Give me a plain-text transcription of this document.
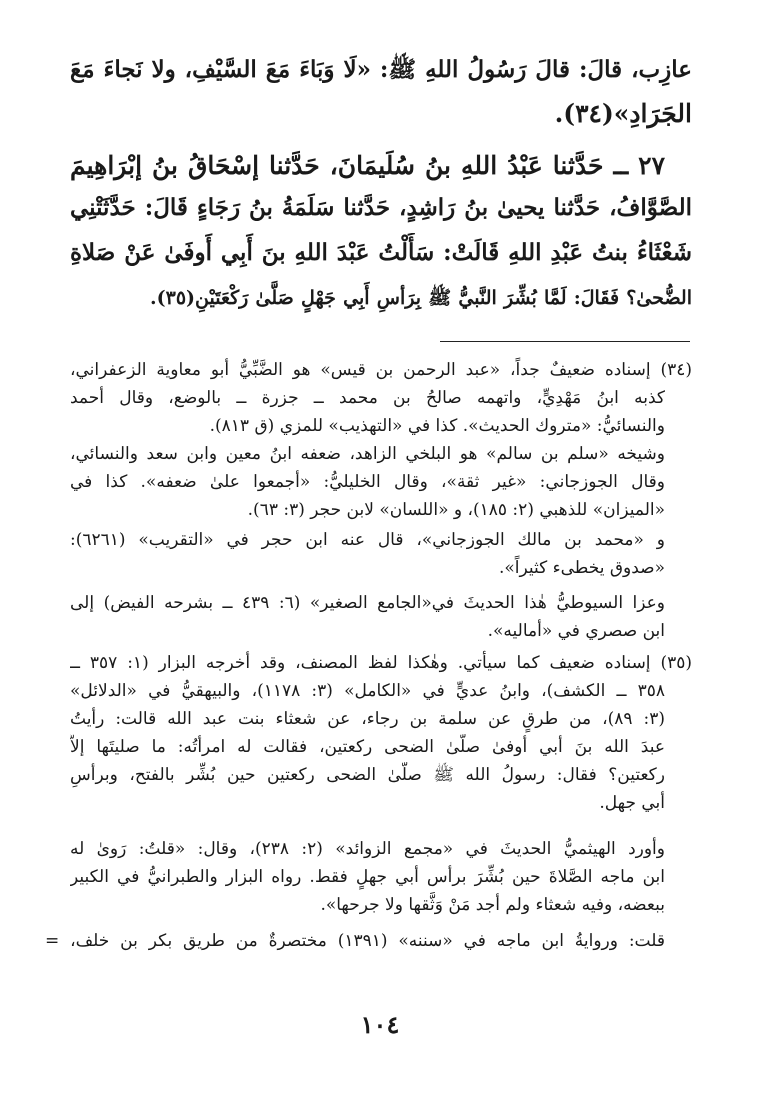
عازِب، قالَ: قالَ رَسُولُ اللهِ ﷺ: «لَا وَبَاءَ مَعَ السَّيْفِ، ولا نَجاءَ مَعَ
الجَرَادِ»(٣٤).
٢٧ ــ حَدَّثنا عَبْدُ اللهِ بنُ سُلَيمَانَ، حَدَّثنا إسْحَاقُ بنُ إبْرَاهِيمَ
الصَّوَّافُ، حَدَّثنا يحيىٰ بنُ رَاشِدٍ، حَدَّثنا سَلَمَةُ بنُ رَجَاءٍ قَالَ: حَدَّثَتْنِي
شَعْثَاءُ بنتُ عَبْدِ اللهِ قَالَتْ: سَأَلْتُ عَبْدَ اللهِ بنَ أَبِي أَوفَىٰ عَنْ صَلاةِ
الضُّحىٰ؟ فَقَالَ: لَمَّا بُشِّرَ النَّبيُّ ﷺ بِرَأسِ أَبِي جَهْلٍ صَلَّىٰ رَكْعَتَيْنِ(٣٥).
(٣٤) إسناده ضعيفٌ جداً، «عبد الرحمن بن قيس» هو الضَّبِّيُّ أبو معاوية الزعفراني،
كذبه ابنُ مَهْدِيٍّ، واتهمه صالحُ بن محمد ــ جزرة ــ بالوضع، وقال أحمد
والنسائيُّ: «متروك الحديث». كذا في «التهذيب» للمزي (ق ٨١٣).
وشيخه «سلم بن سالم» هو البلخي الزاهد، ضعفه ابنُ معين وابن سعد والنسائي،
وقال الجوزجاني: «غير ثقة»، وقال الخليليُّ: «أجمعوا علىٰ ضعفه». كذا في
«الميزان» للذهبي (٢: ١٨٥)، و «اللسان» لابن حجر (٣: ٦٣).
و «محمد بن مالك الجوزجاني»، قال عنه ابن حجر في «التقريب» (٦٢٦١):
«صدوق يخطىء كثيراً».
وعزا السيوطيُّ هٰذا الحديثَ في«الجامع الصغير» (٦: ٤٣٩ ــ بشرحه الفيض) إلى
ابن صصري في «أماليه».
(٣٥) إسناده ضعيف كما سيأتي. وهٰكذا لفظ المصنف، وقد أخرجه البزار (١: ٣٥٧ ــ
٣٥٨ ــ الكشف)، وابنُ عديٍّ في «الكامل» (٣: ١١٧٨)، والبيهقيُّ في «الدلائل»
(٣: ٨٩)، من طرقٍ عن سلمة بن رجاء، عن شعثاء بنت عبد الله قالت: رأيتُ
عبدَ الله بنَ أبي أوفىٰ صلَّىٰ الضحى ركعتين، فقالت له امرأتُه: ما صليتَها إلاَّ
ركعتين؟ فقال: رسولُ الله ﷺ صلَّىٰ الضحى ركعتين حين بُشِّر بالفتح، وبرأسِ
أبي جهل.
وأورد الهيثميُّ الحديثَ في «مجمع الزوائد» (٢: ٢٣٨)، وقال: «قلتُ: رَوىٰ له
ابن ماجه الصَّلاةَ حين بُشِّرَ برأس أبي جهلٍ فقط. رواه البزار والطبرانيُّ في الكبير
ببعضه، وفيه شعثاء ولم أجد مَنْ وَثَّقها ولا جرحها».
قلت: وروايةُ ابن ماجه في «سننه» (١٣٩١) مختصرةٌ من طريق بكر بن خلف، =
١٠٤
